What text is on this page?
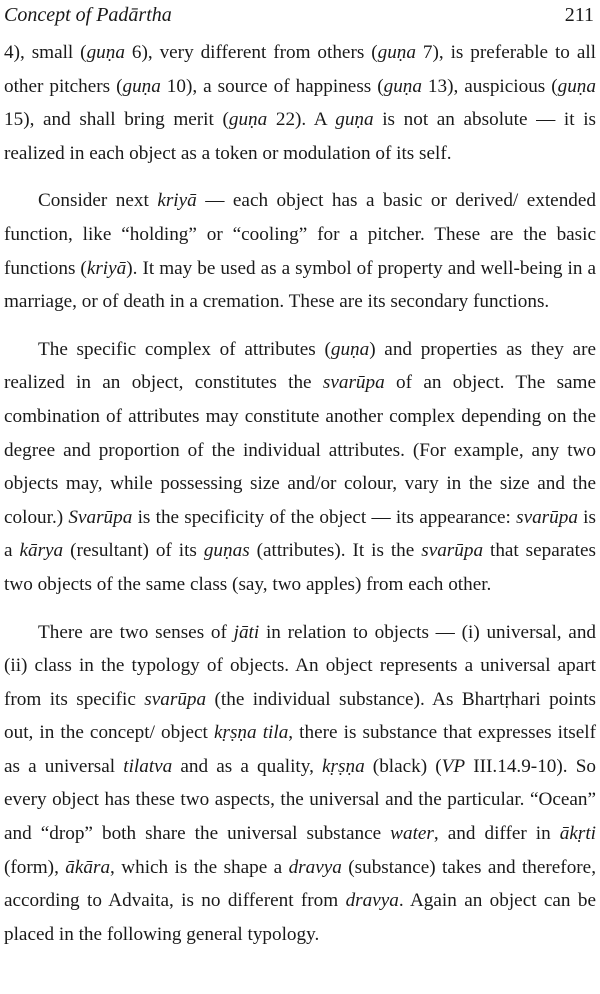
Concept of Padārtha	211

4), small (guṇa 6), very different from others (guṇa 7), is preferable to all other pitchers (guṇa 10), a source of happiness (guṇa 13), auspicious (guṇa 15), and shall bring merit (guṇa 22). A guṇa is not an absolute — it is realized in each object as a token or modulation of its self.

Consider next kriyā — each object has a basic or derived/ extended function, like “holding” or “cooling” for a pitcher. These are the basic functions (kriyā). It may be used as a symbol of property and well-being in a marriage, or of death in a cremation. These are its secondary functions.

The specific complex of attributes (guṇa) and properties as they are realized in an object, constitutes the svarūpa of an object. The same combination of attributes may constitute another complex depending on the degree and proportion of the individual attributes. (For example, any two objects may, while possessing size and/or colour, vary in the size and the colour.) Svarūpa is the specificity of the object — its appearance: svarūpa is a kārya (resultant) of its guṇas (attributes). It is the svarūpa that separates two objects of the same class (say, two apples) from each other.

There are two senses of jāti in relation to objects — (i) universal, and (ii) class in the typology of objects. An object represents a universal apart from its specific svarūpa (the individual substance). As Bhartṛhari points out, in the concept/ object kṛṣṇa tila, there is substance that expresses itself as a universal tilatva and as a quality, kṛṣṇa (black) (VP III.14.9-10). So every object has these two aspects, the universal and the particular. “Ocean” and “drop” both share the universal substance water, and differ in ākṛti (form), ākāra, which is the shape a dravya (substance) takes and therefore, according to Advaita, is no different from dravya. Again an object can be placed in the following general typology.
